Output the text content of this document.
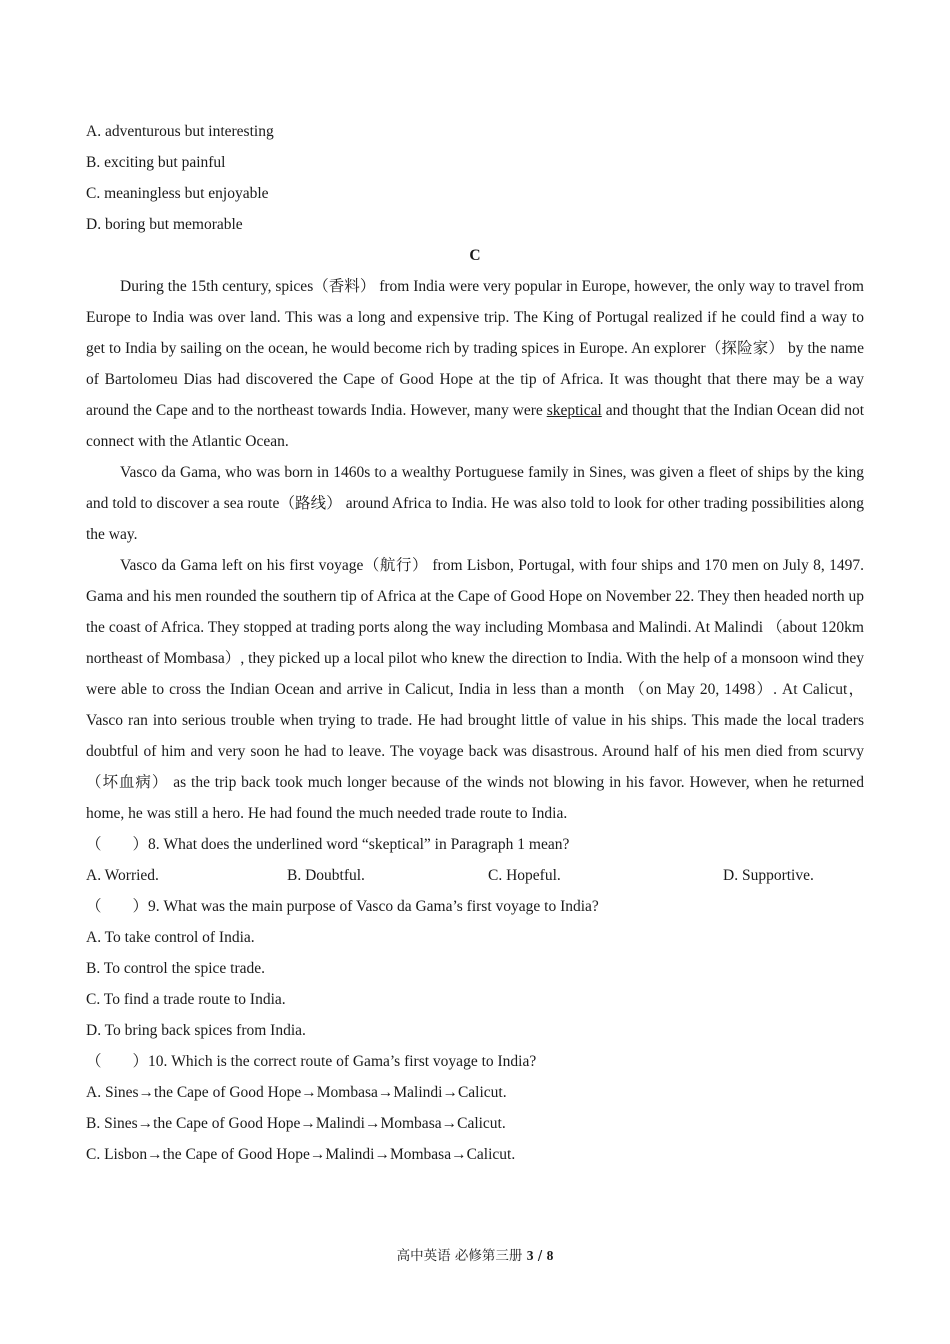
A. adventurous but interesting
B. exciting but painful
C. meaningless but enjoyable
D. boring but memorable
C

During the 15th century, spices（香料） from India were very popular in Europe, however, the only way to travel from Europe to India was over land. This was a long and expensive trip. The King of Portugal realized if he could find a way to get to India by sailing on the ocean, he would become rich by trading spices in Europe. An explorer（探险家） by the name of Bartolomeu Dias had discovered the Cape of Good Hope at the tip of Africa. It was thought that there may be a way around the Cape and to the northeast towards India. However, many were skeptical and thought that the Indian Ocean did not connect with the Atlantic Ocean.

Vasco da Gama, who was born in 1460s to a wealthy Portuguese family in Sines, was given a fleet of ships by the king and told to discover a sea route（路线） around Africa to India. He was also told to look for other trading possibilities along the way.

Vasco da Gama left on his first voyage（航行） from Lisbon, Portugal, with four ships and 170 men on July 8, 1497. Gama and his men rounded the southern tip of Africa at the Cape of Good Hope on November 22. They then headed north up the coast of Africa. They stopped at trading ports along the way including Mombasa and Malindi. At Malindi （about 120km northeast of Mombasa）, they picked up a local pilot who knew the direction to India. With the help of a monsoon wind they were able to cross the Indian Ocean and arrive in Calicut, India in less than a month （on May 20, 1498）. At Calicut，Vasco ran into serious trouble when trying to trade. He had brought little of value in his ships. This made the local traders doubtful of him and very soon he had to leave. The voyage back was disastrous. Around half of his men died from scurvy（坏血病） as the trip back took much longer because of the winds not blowing in his favor. However, when he returned home, he was still a hero. He had found the much needed trade route to India.

（　　）8. What does the underlined word “skeptical” in Paragraph 1 mean?
A. Worried.	B. Doubtful.	C. Hopeful.	D. Supportive.
（　　）9. What was the main purpose of Vasco da Gama’s first voyage to India?
A. To take control of India.
B. To control the spice trade.
C. To find a trade route to India.
D. To bring back spices from India.
（　　）10. Which is the correct route of Gama’s first voyage to India?
A. Sines→the Cape of Good Hope→Mombasa→Malindi→Calicut.
B. Sines→the Cape of Good Hope→Malindi→Mombasa→Calicut.
C. Lisbon→the Cape of Good Hope→Malindi→Mombasa→Calicut.
高中英语 必修第三册 3 / 8
